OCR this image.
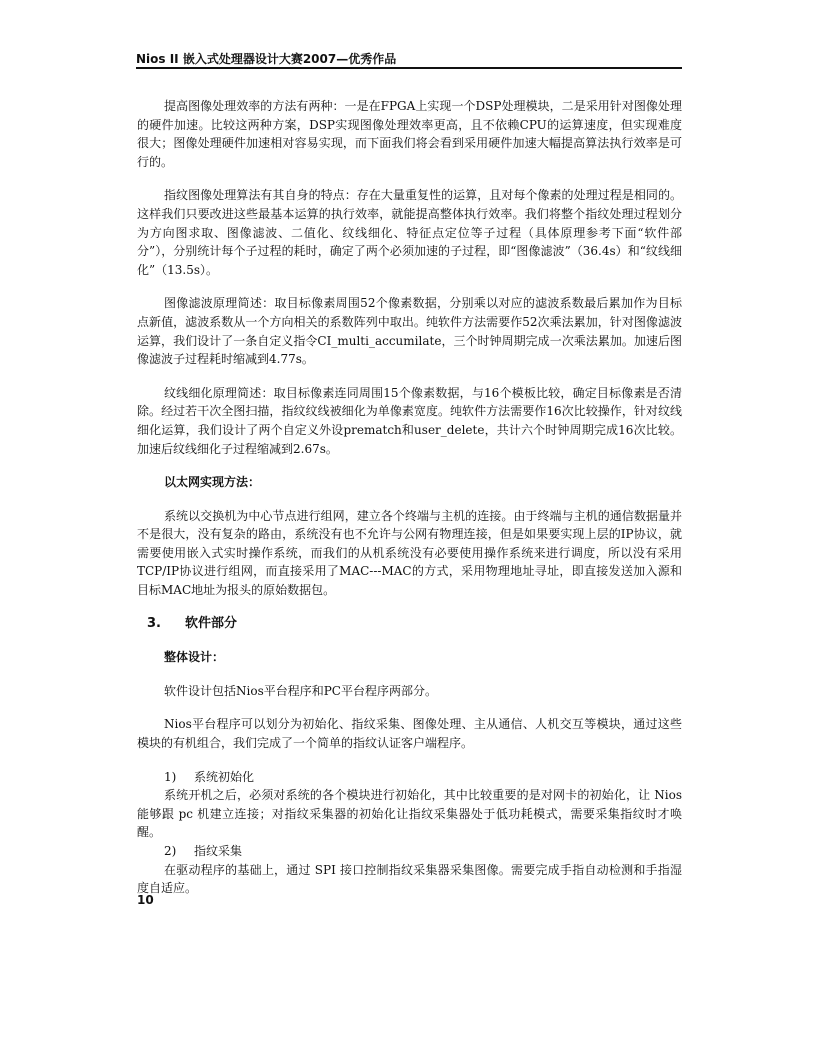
Nios II 嵌入式处理器设计大赛2007—优秀作品

提高图像处理效率的方法有两种：一是在FPGA上实现一个DSP处理模块，二是采用针对图像处理的硬件加速。比较这两种方案，DSP实现图像处理效率更高，且不依赖CPU的运算速度，但实现难度很大；图像处理硬件加速相对容易实现，而下面我们将会看到采用硬件加速大幅提高算法执行效率是可行的。

指纹图像处理算法有其自身的特点：存在大量重复性的运算，且对每个像素的处理过程是相同的。这样我们只要改进这些最基本运算的执行效率，就能提高整体执行效率。我们将整个指纹处理过程划分为方向图求取、图像滤波、二值化、纹线细化、特征点定位等子过程（具体原理参考下面“软件部分”），分别统计每个子过程的耗时，确定了两个必须加速的子过程，即“图像滤波”（36.4s）和“纹线细化”（13.5s）。

图像滤波原理简述：取目标像素周围52个像素数据，分别乘以对应的滤波系数最后累加作为目标点新值，滤波系数从一个方向相关的系数阵列中取出。纯软件方法需要作52次乘法累加，针对图像滤波运算，我们设计了一条自定义指令CI_multi_accumilate，三个时钟周期完成一次乘法累加。加速后图像滤波子过程耗时缩减到4.77s。

纹线细化原理简述：取目标像素连同周围15个像素数据，与16个模板比较，确定目标像素是否清除。经过若干次全图扫描，指纹纹线被细化为单像素宽度。纯软件方法需要作16次比较操作，针对纹线细化运算，我们设计了两个自定义外设prematch和user_delete，共计六个时钟周期完成16次比较。加速后纹线细化子过程缩减到2.67s。

以太网实现方法：

系统以交换机为中心节点进行组网，建立各个终端与主机的连接。由于终端与主机的通信数据量并不是很大，没有复杂的路由，系统没有也不允许与公网有物理连接，但是如果要实现上层的IP协议，就需要使用嵌入式实时操作系统，而我们的从机系统没有必要使用操作系统来进行调度，所以没有采用TCP/IP协议进行组网，而直接采用了MAC---MAC的方式，采用物理地址寻址，即直接发送加入源和目标MAC地址为报头的原始数据包。

3. 软件部分

整体设计：

软件设计包括Nios平台程序和PC平台程序两部分。

Nios平台程序可以划分为初始化、指纹采集、图像处理、主从通信、人机交互等模块，通过这些模块的有机组合，我们完成了一个简单的指纹认证客户端程序。

1) 系统初始化

系统开机之后，必须对系统的各个模块进行初始化，其中比较重要的是对网卡的初始化，让 Nios 能够跟 pc 机建立连接；对指纹采集器的初始化让指纹采集器处于低功耗模式，需要采集指纹时才唤醒。

2) 指纹采集

在驱动程序的基础上，通过 SPI 接口控制指纹采集器采集图像。需要完成手指自动检测和手指湿度自适应。

10
